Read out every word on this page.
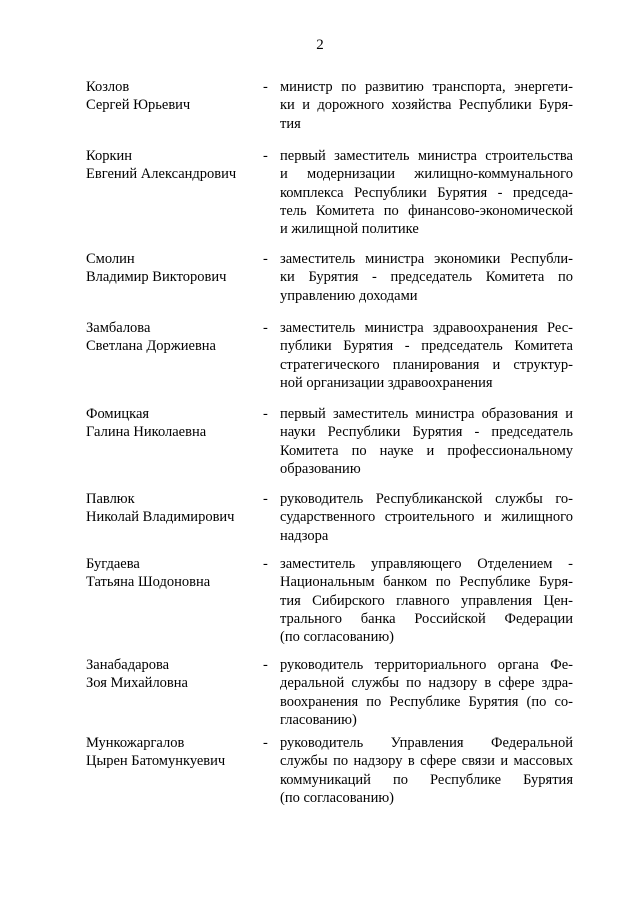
2
Козлов
Сергей Юрьевич
- министр по развитию транспорта, энергети-
ки и дорожного хозяйства Республики Буря-
тия
Коркин
Евгений Александрович
- первый заместитель министра строительства
и модернизации жилищно-коммунального
комплекса Республики Бурятия - председа-
тель Комитета по финансово-экономической
и жилищной политике
Смолин
Владимир Викторович
- заместитель министра экономики Республи-
ки Бурятия - председатель Комитета по
управлению доходами
Замбалова
Светлана Доржиевна
- заместитель министра здравоохранения Рес-
публики Бурятия - председатель Комитета
стратегического планирования и структур-
ной организации здравоохранения
Фомицкая
Галина Николаевна
- первый заместитель министра образования и
науки Республики Бурятия - председатель
Комитета по науке и профессиональному
образованию
Павлюк
Николай Владимирович
- руководитель Республиканской службы го-
сударственного строительного и жилищного
надзора
Бугдаева
Татьяна Шодоновна
- заместитель управляющего Отделением -
Национальным банком по Республике Буря-
тия Сибирского главного управления Цен-
трального банка Российской Федерации
(по согласованию)
Занабадарова
Зоя Михайловна
- руководитель территориального органа Фе-
деральной службы по надзору в сфере здра-
воохранения по Республике Бурятия (по со-
гласованию)
Мункожаргалов
Цырен Батомункуевич
- руководитель Управления Федеральной
службы по надзору в сфере связи и массовых
коммуникаций по Республике Бурятия
(по согласованию)
